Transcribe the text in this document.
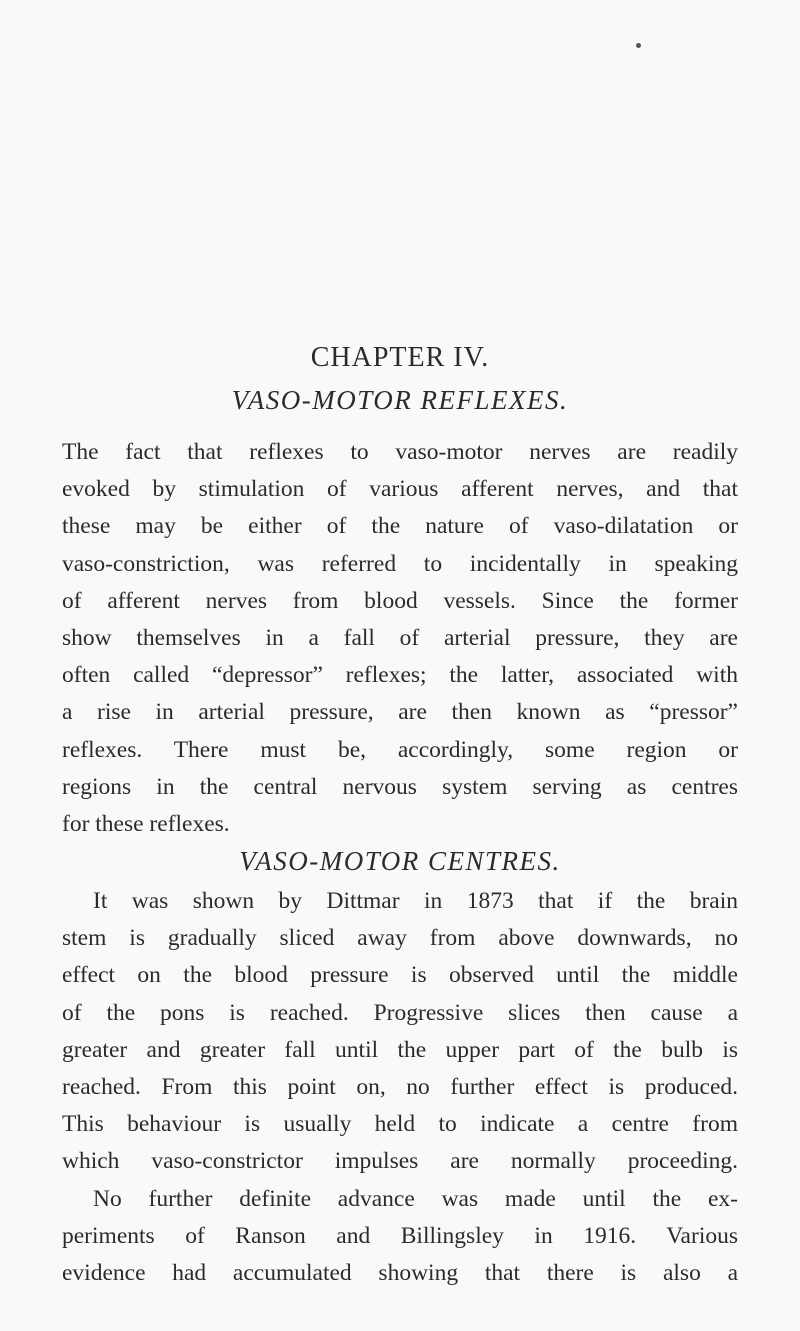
CHAPTER IV.
VASO-MOTOR REFLEXES.
The fact that reflexes to vaso-motor nerves are readily
evoked by stimulation of various afferent nerves, and that
these may be either of the nature of vaso-dilatation or
vaso-constriction, was referred to incidentally in speaking
of afferent nerves from blood vessels. Since the former
show themselves in a fall of arterial pressure, they are
often called “depressor” reflexes; the latter, associated with
a rise in arterial pressure, are then known as “pressor”
reflexes. There must be, accordingly, some region or
regions in the central nervous system serving as centres
for these reflexes.
VASO-MOTOR CENTRES.
It was shown by Dittmar in 1873 that if the brain
stem is gradually sliced away from above downwards, no
effect on the blood pressure is observed until the middle
of the pons is reached. Progressive slices then cause a
greater and greater fall until the upper part of the bulb is
reached. From this point on, no further effect is produced.
This behaviour is usually held to indicate a centre from
which vaso-constrictor impulses are normally proceeding.
No further definite advance was made until the ex-
periments of Ranson and Billingsley in 1916. Various
evidence had accumulated showing that there is also a
